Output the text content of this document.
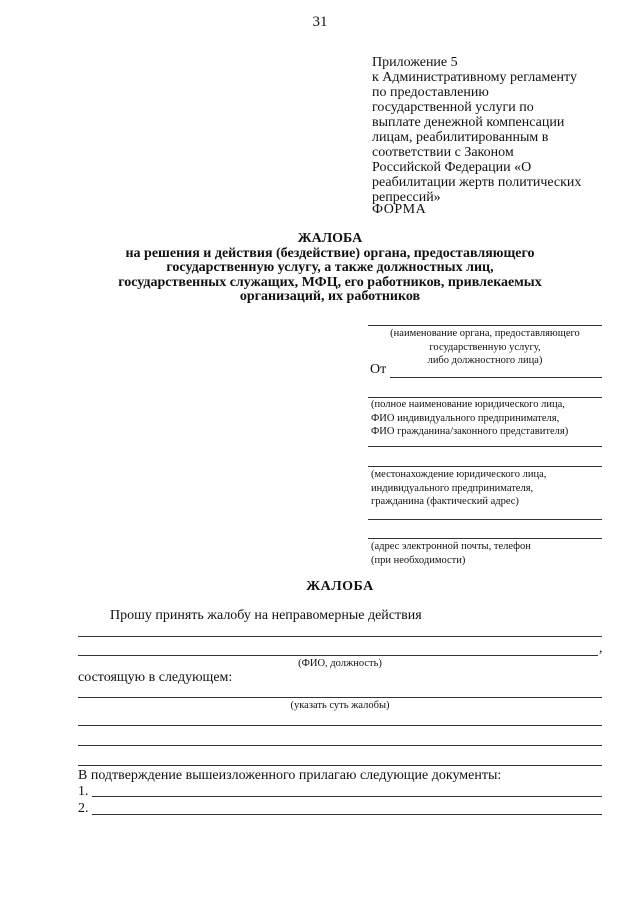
31
Приложение 5
к Административному регламенту
по предоставлению
государственной услуги по
выплате денежной компенсации
лицам, реабилитированным в
соответствии с Законом
Российской Федерации «О
реабилитации жертв политических
репрессий»
ФОРМА
ЖАЛОБА
на решения и действия (бездействие) органа, предоставляющего
государственную услугу, а также должностных лиц,
государственных служащих, МФЦ, его работников, привлекаемых
организаций, их работников
(наименование органа, предоставляющего
государственную услугу,
либо должностного лица)
От
(полное наименование юридического лица,
ФИО индивидуального предпринимателя,
ФИО гражданина/законного представителя)
(местонахождение юридического лица,
индивидуального предпринимателя,
гражданина (фактический адрес)
(адрес электронной почты, телефон
(при необходимости)
ЖАЛОБА
Прошу принять жалобу на неправомерные действия
,
(ФИО, должность)
состоящую в следующем:
(указать суть жалобы)
В подтверждение вышеизложенного прилагаю следующие документы:
1.
2.
